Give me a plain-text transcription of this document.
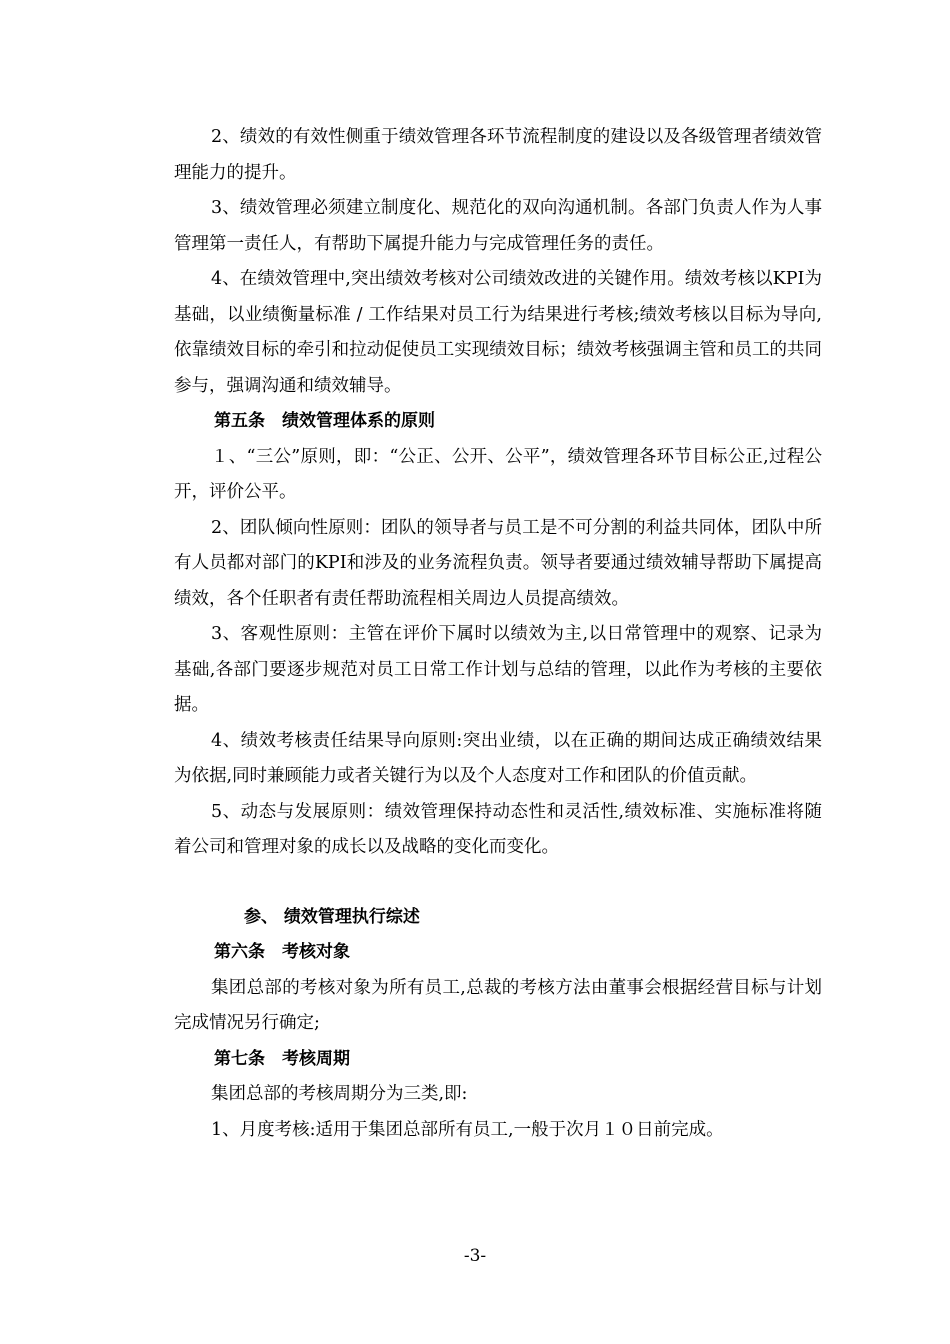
2、绩效的有效性侧重于绩效管理各环节流程制度的建设以及各级管理者绩效管理能力的提升。

3、绩效管理必须建立制度化、规范化的双向沟通机制。各部门负责人作为人事管理第一责任人，有帮助下属提升能力与完成管理任务的责任。

4、在绩效管理中,突出绩效考核对公司绩效改进的关键作用。绩效考核以KPI为基础，以业绩衡量标准 / 工作结果对员工行为结果进行考核;绩效考核以目标为导向,依靠绩效目标的牵引和拉动促使员工实现绩效目标；绩效考核强调主管和员工的共同参与，强调沟通和绩效辅导。

第五条　绩效管理体系的原则

１、“三公”原则，即：“公正、公开、公平”，绩效管理各环节目标公正,过程公开，评价公平。

2、团队倾向性原则：团队的领导者与员工是不可分割的利益共同体，团队中所有人员都对部门的KPI和涉及的业务流程负责。领导者要通过绩效辅导帮助下属提高绩效，各个任职者有责任帮助流程相关周边人员提高绩效。

3、客观性原则：主管在评价下属时以绩效为主,以日常管理中的观察、记录为基础,各部门要逐步规范对员工日常工作计划与总结的管理，以此作为考核的主要依据。

4、绩效考核责任结果导向原则:突出业绩，以在正确的期间达成正确绩效结果为依据,同时兼顾能力或者关键行为以及个人态度对工作和团队的价值贡献。

5、动态与发展原则：绩效管理保持动态性和灵活性,绩效标准、实施标准将随着公司和管理对象的成长以及战略的变化而变化。

参、 绩效管理执行综述

第六条　考核对象

集团总部的考核对象为所有员工,总裁的考核方法由董事会根据经营目标与计划完成情况另行确定;

第七条　考核周期

集团总部的考核周期分为三类,即:

1、月度考核:适用于集团总部所有员工,一般于次月１０日前完成。

-3-
